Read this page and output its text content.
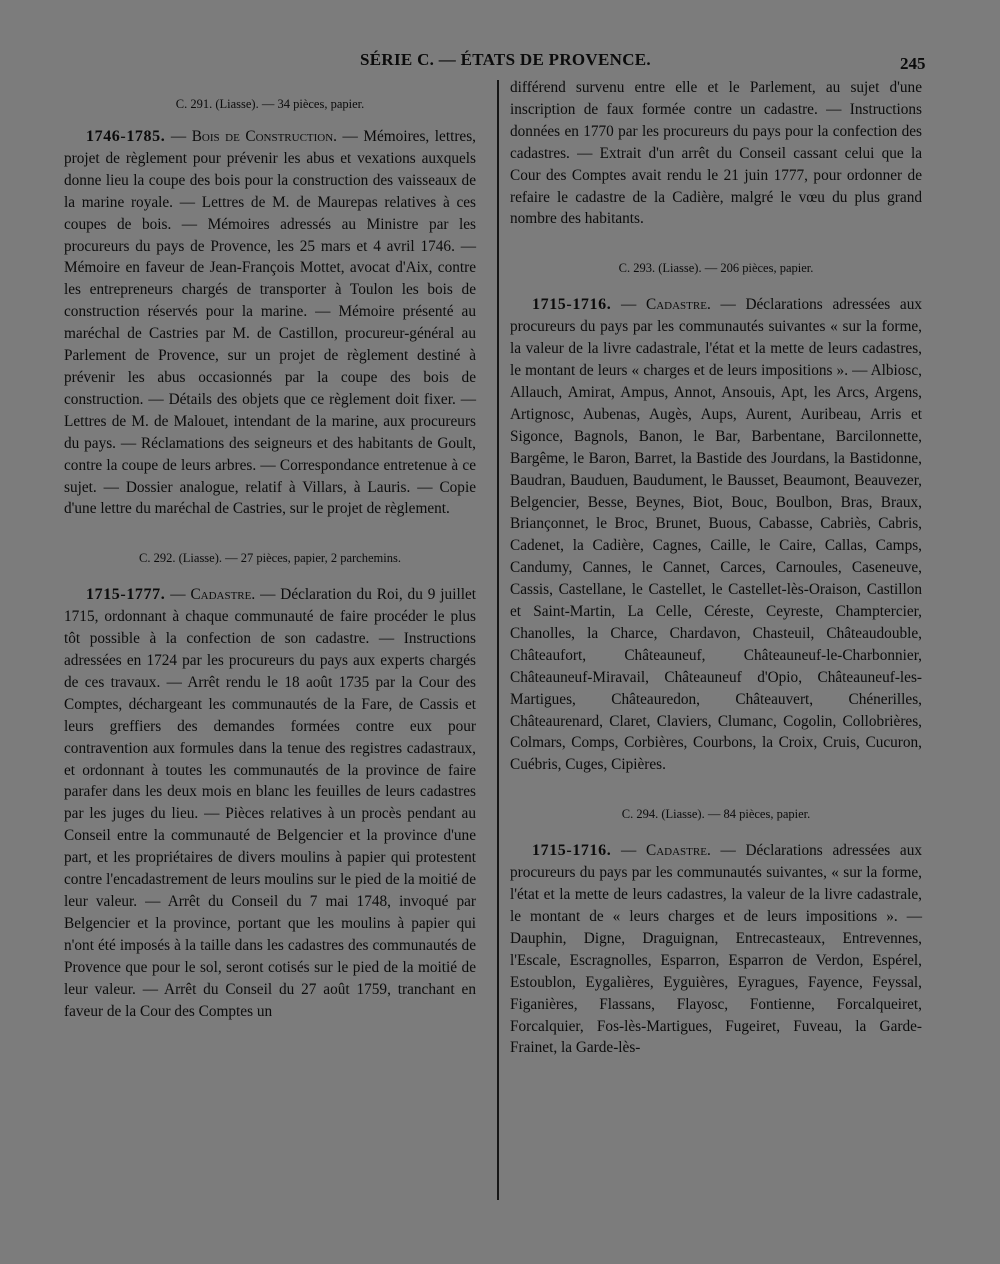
SÉRIE C. — ÉTATS DE PROVENCE.	245
C. 291. (Liasse). — 34 pièces, papier.

1746-1785. — Bois de Construction. — Mémoires, lettres, projet de règlement pour prévenir les abus et vexations auxquels donne lieu la coupe des bois pour la construction des vaisseaux de la marine royale. — Lettres de M. de Maurepas relatives à ces coupes de bois. — Mémoires adressés au Ministre par les procureurs du pays de Provence, les 25 mars et 4 avril 1746. — Mémoire en faveur de Jean-François Mottet, avocat d'Aix, contre les entrepreneurs chargés de transporter à Toulon les bois de construction réservés pour la marine. — Mémoire présenté au maréchal de Castries par M. de Castillon, procureur-général au Parlement de Provence, sur un projet de règlement destiné à prévenir les abus occasionnés par la coupe des bois de construction. — Détails des objets que ce règlement doit fixer. — Lettres de M. de Malouet, intendant de la marine, aux procureurs du pays. — Réclamations des seigneurs et des habitants de Goult, contre la coupe de leurs arbres. — Correspondance entretenue à ce sujet. — Dossier analogue, relatif à Villars, à Lauris. — Copie d'une lettre du maréchal de Castries, sur le projet de règlement.

C. 292. (Liasse). — 27 pièces, papier, 2 parchemins.

1715-1777. — Cadastre. — Déclaration du Roi, du 9 juillet 1715, ordonnant à chaque communauté de faire procéder le plus tôt possible à la confection de son cadastre. — Instructions adressées en 1724 par les procureurs du pays aux experts chargés de ces travaux. — Arrêt rendu le 18 août 1735 par la Cour des Comptes, déchargeant les communautés de la Fare, de Cassis et leurs greffiers des demandes formées contre eux pour contravention aux formules dans la tenue des registres cadastraux, et ordonnant à toutes les communautés de la province de faire parafer dans les deux mois en blanc les feuilles de leurs cadastres par les juges du lieu. — Pièces relatives à un procès pendant au Conseil entre la communauté de Belgencier et la province d'une part, et les propriétaires de divers moulins à papier qui protestent contre l'encadastrement de leurs moulins sur le pied de la moitié de leur valeur. — Arrêt du Conseil du 7 mai 1748, invoqué par Belgencier et la province, portant que les moulins à papier qui n'ont été imposés à la taille dans les cadastres des communautés de Provence que pour le sol, seront cotisés sur le pied de la moitié de leur valeur. — Arrêt du Conseil du 27 août 1759, tranchant en faveur de la Cour des Comptes un

différend survenu entre elle et le Parlement, au sujet d'une inscription de faux formée contre un cadastre. — Instructions données en 1770 par les procureurs du pays pour la confection des cadastres. — Extrait d'un arrêt du Conseil cassant celui que la Cour des Comptes avait rendu le 21 juin 1777, pour ordonner de refaire le cadastre de la Cadière, malgré le vœu du plus grand nombre des habitants.

C. 293. (Liasse). — 206 pièces, papier.

1715-1716. — Cadastre. — Déclarations adressées aux procureurs du pays par les communautés suivantes « sur la forme, la valeur de la livre cadastrale, l'état et la mette de leurs cadastres, le montant de leurs « charges et de leurs impositions ». — Albiosc, Allauch, Amirat, Ampus, Annot, Ansouis, Apt, les Arcs, Argens, Artignosc, Aubenas, Augès, Aups, Aurent, Auribeau, Arris et Sigonce, Bagnols, Banon, le Bar, Barbentane, Barcilonnette, Bargême, le Baron, Barret, la Bastide des Jourdans, la Bastidonne, Baudran, Bauduen, Baudument, le Bausset, Beaumont, Beauvezer, Belgencier, Besse, Beynes, Biot, Bouc, Boulbon, Bras, Braux, Briançonnet, le Broc, Brunet, Buous, Cabasse, Cabriès, Cabris, Cadenet, la Cadière, Cagnes, Caille, le Caire, Callas, Camps, Candumy, Cannes, le Cannet, Carces, Carnoules, Caseneuve, Cassis, Castellane, le Castellet, le Castellet-lès-Oraison, Castillon et Saint-Martin, La Celle, Céreste, Ceyreste, Champtercier, Chanolles, la Charce, Chardavon, Chasteuil, Châteaudouble, Châteaufort, Châteauneuf, Châteauneuf-le-Charbonnier, Châteauneuf-Miravail, Châteauneuf d'Opio, Châteauneuf-les-Martigues, Châteauredon, Châteauvert, Chénerilles, Châteaurenard, Claret, Claviers, Clumanc, Cogolin, Collobrières, Colmars, Comps, Corbières, Courbons, la Croix, Cruis, Cucuron, Cuébris, Cuges, Cipières.

C. 294. (Liasse). — 84 pièces, papier.

1715-1716. — Cadastre. — Déclarations adressées aux procureurs du pays par les communautés suivantes, « sur la forme, l'état et la mette de leurs cadastres, la valeur de la livre cadastrale, le montant de « leurs charges et de leurs impositions ». — Dauphin, Digne, Draguignan, Entrecasteaux, Entrevennes, l'Escale, Escragnolles, Esparron, Esparron de Verdon, Espérel, Estoublon, Eygalières, Eyguières, Eyragues, Fayence, Feyssal, Figanières, Flassans, Flayosc, Fontienne, Forcalqueiret, Forcalquier, Fos-lès-Martigues, Fugeiret, Fuveau, la Garde-Frainet, la Garde-lès-
